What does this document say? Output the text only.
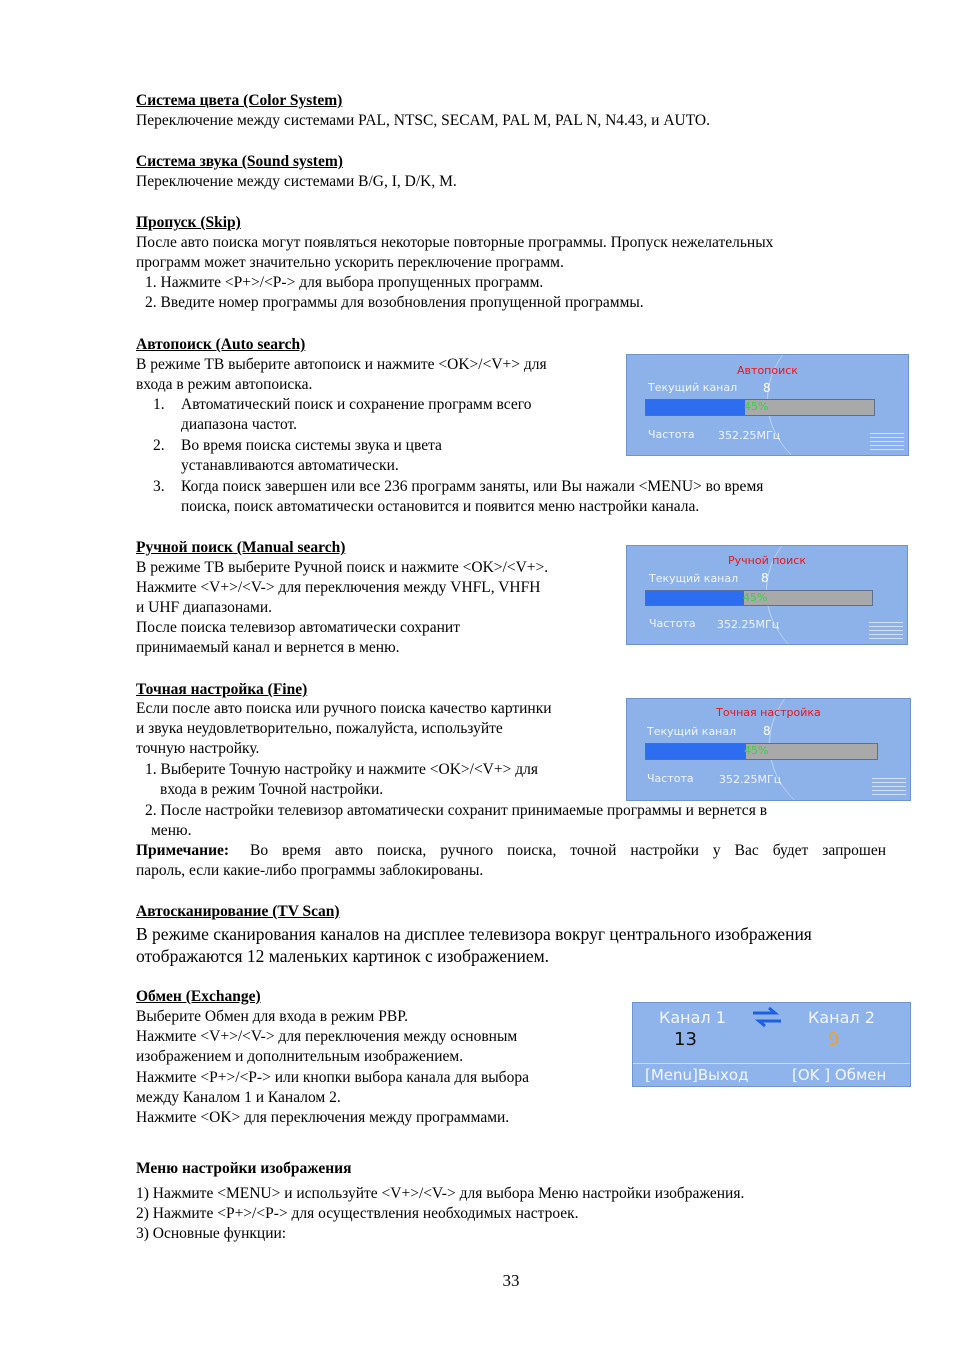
Система цвета (Color System)
Переключение между системами PAL, NTSC, SECAM, PAL M, PAL N, N4.43, и AUTO.
Система звука (Sound system)
Переключение между системами B/G, I, D/K, M.
Пропуск (Skip)
После авто поиска могут появляться некоторые повторные программы. Пропуск нежелательных
программ может значительно ускорить переключение программ.
1. Нажмите <P+>/<P-> для выбора пропущенных программ.
2. Введите номер программы для возобновления пропущенной программы.
Автопоиск (Auto search)
В режиме ТВ выберите автопоиск и нажмите <OK>/<V+> для
входа в режим автопоиска.
1. Автоматический поиск и сохранение программ всего
диапазона частот.
2. Во время поиска системы звука и цвета
устанавливаются автоматически.
3. Когда поиск завершен или все 236 программ заняты, или Вы нажали <MENU> во время
поиска, поиск автоматически остановится и появится меню настройки канала.
Автопоиск
Текущий канал 8
45%
Частота 352.25МГц
Ручной поиск (Manual search)
В режиме ТВ выберите Ручной поиск и нажмите <OK>/<V+>.
Нажмите <V+>/<V-> для переключения между VHFL, VHFH
и UHF диапазонами.
После поиска телевизор автоматически сохранит
принимаемый канал и вернется в меню.
Ручной поиск
Текущий канал 8
45%
Частота 352.25МГц
Точная настройка (Fine)
Если после авто поиска или ручного поиска качество картинки
и звука неудовлетворительно, пожалуйста, используйте
точную настройку.
1. Выберите Точную настройку и нажмите <OK>/<V+> для
входа в режим Точной настройки.
2. После настройки телевизор автоматически сохранит принимаемые программы и вернется в
меню.
Примечание: Во время авто поиска, ручного поиска, точной настройки у Вас будет запрошен
пароль, если какие-либо программы заблокированы.
Точная настройка
Текущий канал 8
45%
Частота 352.25МГц
Автосканирование (TV Scan)
В режиме сканирования каналов на дисплее телевизора вокруг центрального изображения
отображаются 12 маленьких картинок с изображением.
Обмен (Exchange)
Выберите Обмен для входа в режим PBP.
Нажмите <V+>/<V-> для переключения между основным
изображением и дополнительным изображением.
Нажмите <P+>/<P-> или кнопки выбора канала для выбора
между Каналом 1 и Каналом 2.
Нажмите <OK> для переключения между программами.
Канал 1
13
Канал 2
9
[Menu]Выход	[OK ] Обмен
Меню настройки изображения
1) Нажмите <MENU> и используйте <V+>/<V-> для выбора Меню настройки изображения.
2) Нажмите <P+>/<P-> для осуществления необходимых настроек.
3) Основные функции:
33
